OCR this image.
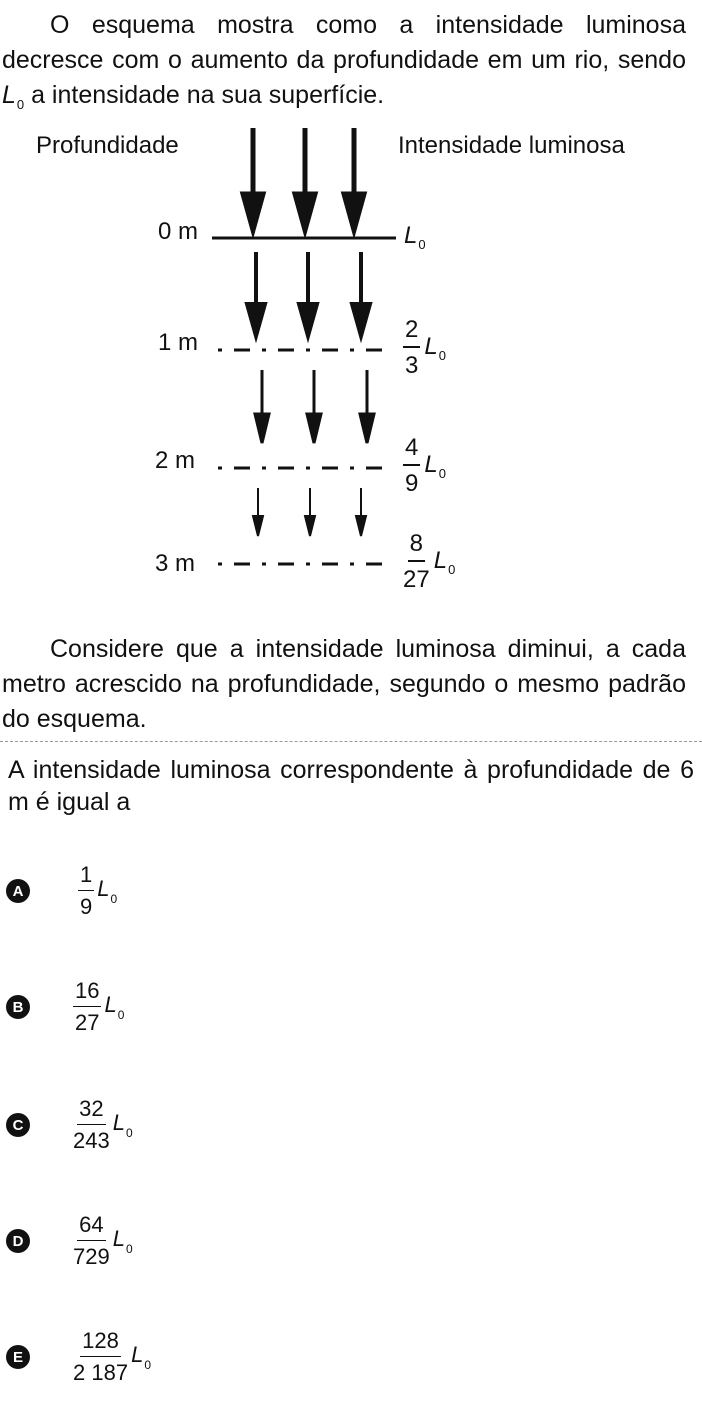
O esquema mostra como a intensidade luminosa decresce com o aumento da profundidade em um rio, sendo $L_0$ a intensidade na sua superfície.
Profundidade	Intensidade luminosa
0 m
1 m
2 m
3 m
$L_0$
$\frac{2}{3} L_0$
$\frac{4}{9} L_0$
$\frac{8}{27} L_0$
Considere que a intensidade luminosa diminui, a cada metro acrescido na profundidade, segundo o mesmo padrão do esquema.
A intensidade luminosa correspondente à profundidade de 6 m é igual a
A $\frac{1}{9} L_0$
B $\frac{16}{27} L_0$
C $\frac{32}{243} L_0$
D $\frac{64}{729} L_0$
E	$\frac{128}{2 187} L_0$
